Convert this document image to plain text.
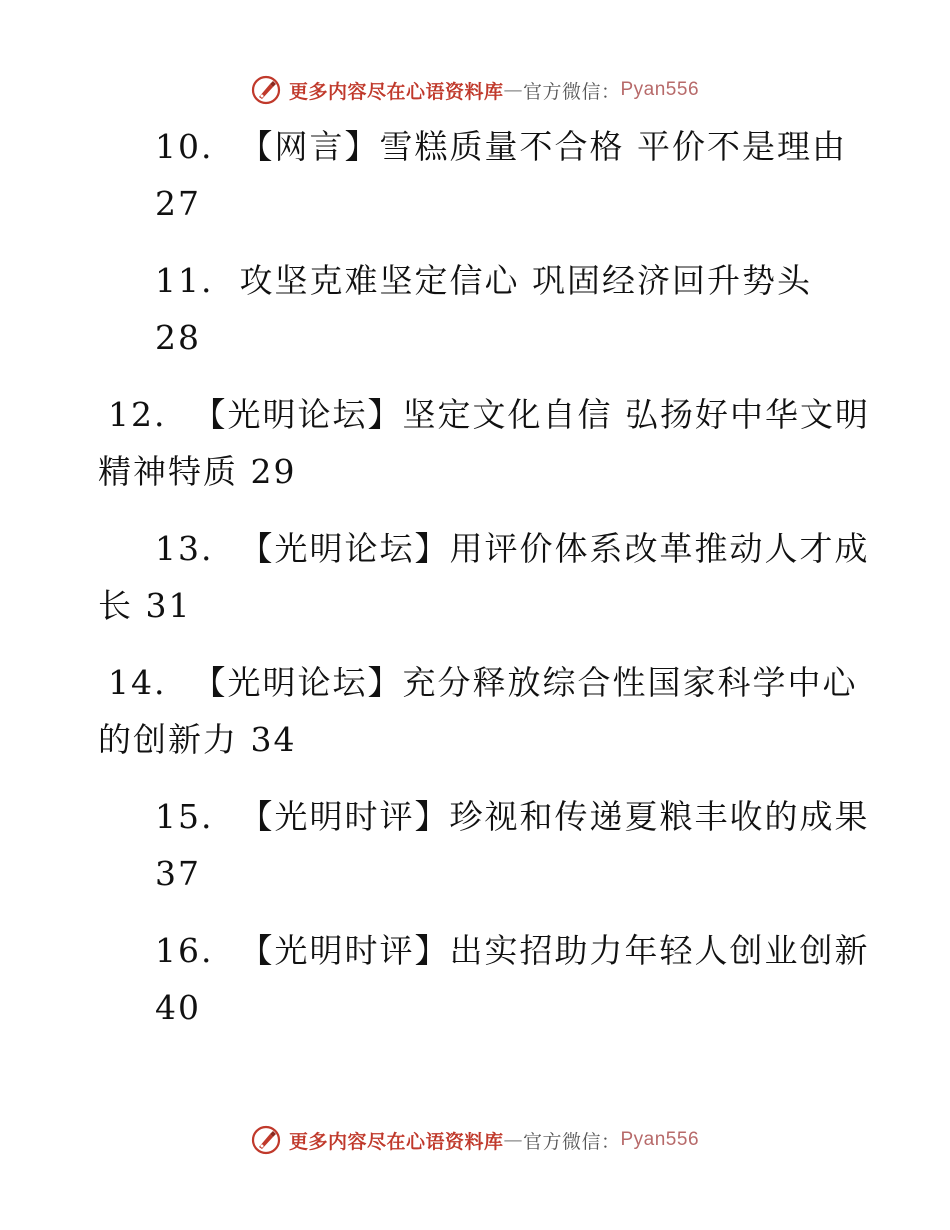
更多内容尽在心语资料库 — 官方微信： Pyan556
10. 【网言】雪糕质量不合格 平价不是理由
27
11. 攻坚克难坚定信心 巩固经济回升势头
28
12. 【光明论坛】坚定文化自信 弘扬好中华文明
精神特质 29
13. 【光明论坛】用评价体系改革推动人才成
长 31
14. 【光明论坛】充分释放综合性国家科学中心
的创新力 34
15. 【光明时评】珍视和传递夏粮丰收的成果
37
16. 【光明时评】出实招助力年轻人创业创新
40
更多内容尽在心语资料库 — 官方微信： Pyan556
